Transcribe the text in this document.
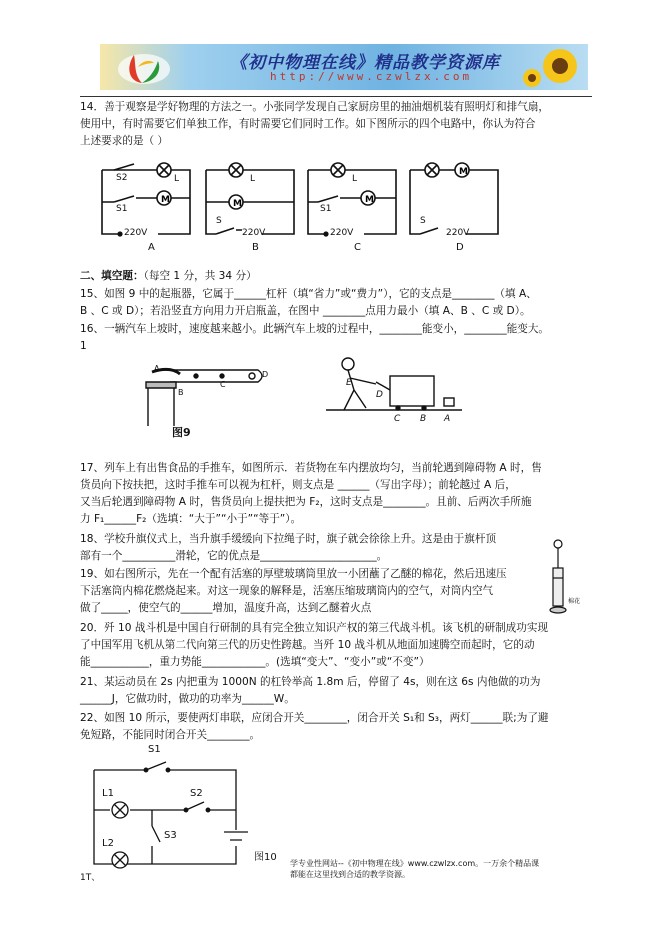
《初中物理在线》精品教学资源库
http://www.czwlzx.com
14．善于观察是学好物理的方法之一。小张同学发现自己家厨房里的抽油烟机装有照明灯和排气扇，
使用中，有时需要它们单独工作，有时需要它们同时工作。如下图所示的四个电路中，你认为符合
上述要求的是（ ）
M
S2	L
S1
220V
A
M
L
S
220V
B
M
L
S1
220V
C
M
S
220V
D
二、填空题：（每空 1 分，共 34 分）
15、如图 9 中的起瓶器，它属于______杠杆（填“省力”或“费力”），它的支点是________（填 A、
B 、C 或 D）；若沿竖直方向用力开启瓶盖，在图中 ________点用力最小（填 A、B 、C 或 D）。
16、一辆汽车上坡时，速度越来越小。此辆汽车上坡的过程中，________能变小，________能变大。
1
A
B
C
D
图9
E
D
C B A
17、列车上有出售食品的手推车，如图所示．若货物在车内摆放均匀，当前轮遇到障碍物 A 时，售
货员向下按扶把，这时手推车可以视为杠杆，则支点是 ______（写出字母）；前轮越过 A 后，
又当后轮遇到障碍物 A 时，售货员向上提扶把为 F₂，这时支点是________。且前、后两次手所施
力 F₁______F₂（选填：“大于”“小于”“等于”）。
18、学校升旗仪式上，当升旗手缓缓向下拉绳子时，旗子就会徐徐上升。这是由于旗杆顶
部有一个__________滑轮，它的优点是______________________。
19、如右图所示，先在一个配有活塞的厚壁玻璃筒里放一小团蘸了乙醚的棉花，然后迅速压
下活塞筒内棉花燃烧起来。对这一现象的解释是，活塞压缩玻璃筒内的空气，对筒内空气
做了_____，使空气的______增加，温度升高，达到乙醚着火点
棉花
20．歼 10 战斗机是中国自行研制的具有完全独立知识产权的第三代战斗机。该飞机的研制成功实现
了中国军用飞机从第二代向第三代的历史性跨越。当歼 10 战斗机从地面加速腾空而起时，它的动
能___________，重力势能____________。(选填“变大”、“变小”或“不变”）
21、某运动员在 2s 内把重为 1000N 的杠铃举高 1.8m 后，停留了 4s，则在这 6s 内他做的功为
______J，它做功时，做功的功率为______W。
22、如图 10 所示，要使两灯串联，应闭合开关________，闭合开关 S₁和 S₃，两灯______联;为了避
免短路，不能同时闭合开关________。
S1
S2
L1
S3
L2
图10
学专业性网站--《初中物理在线》www.czwlzx.com。一万余个精品课
都能在这里找到合适的教学资源。
1T、
